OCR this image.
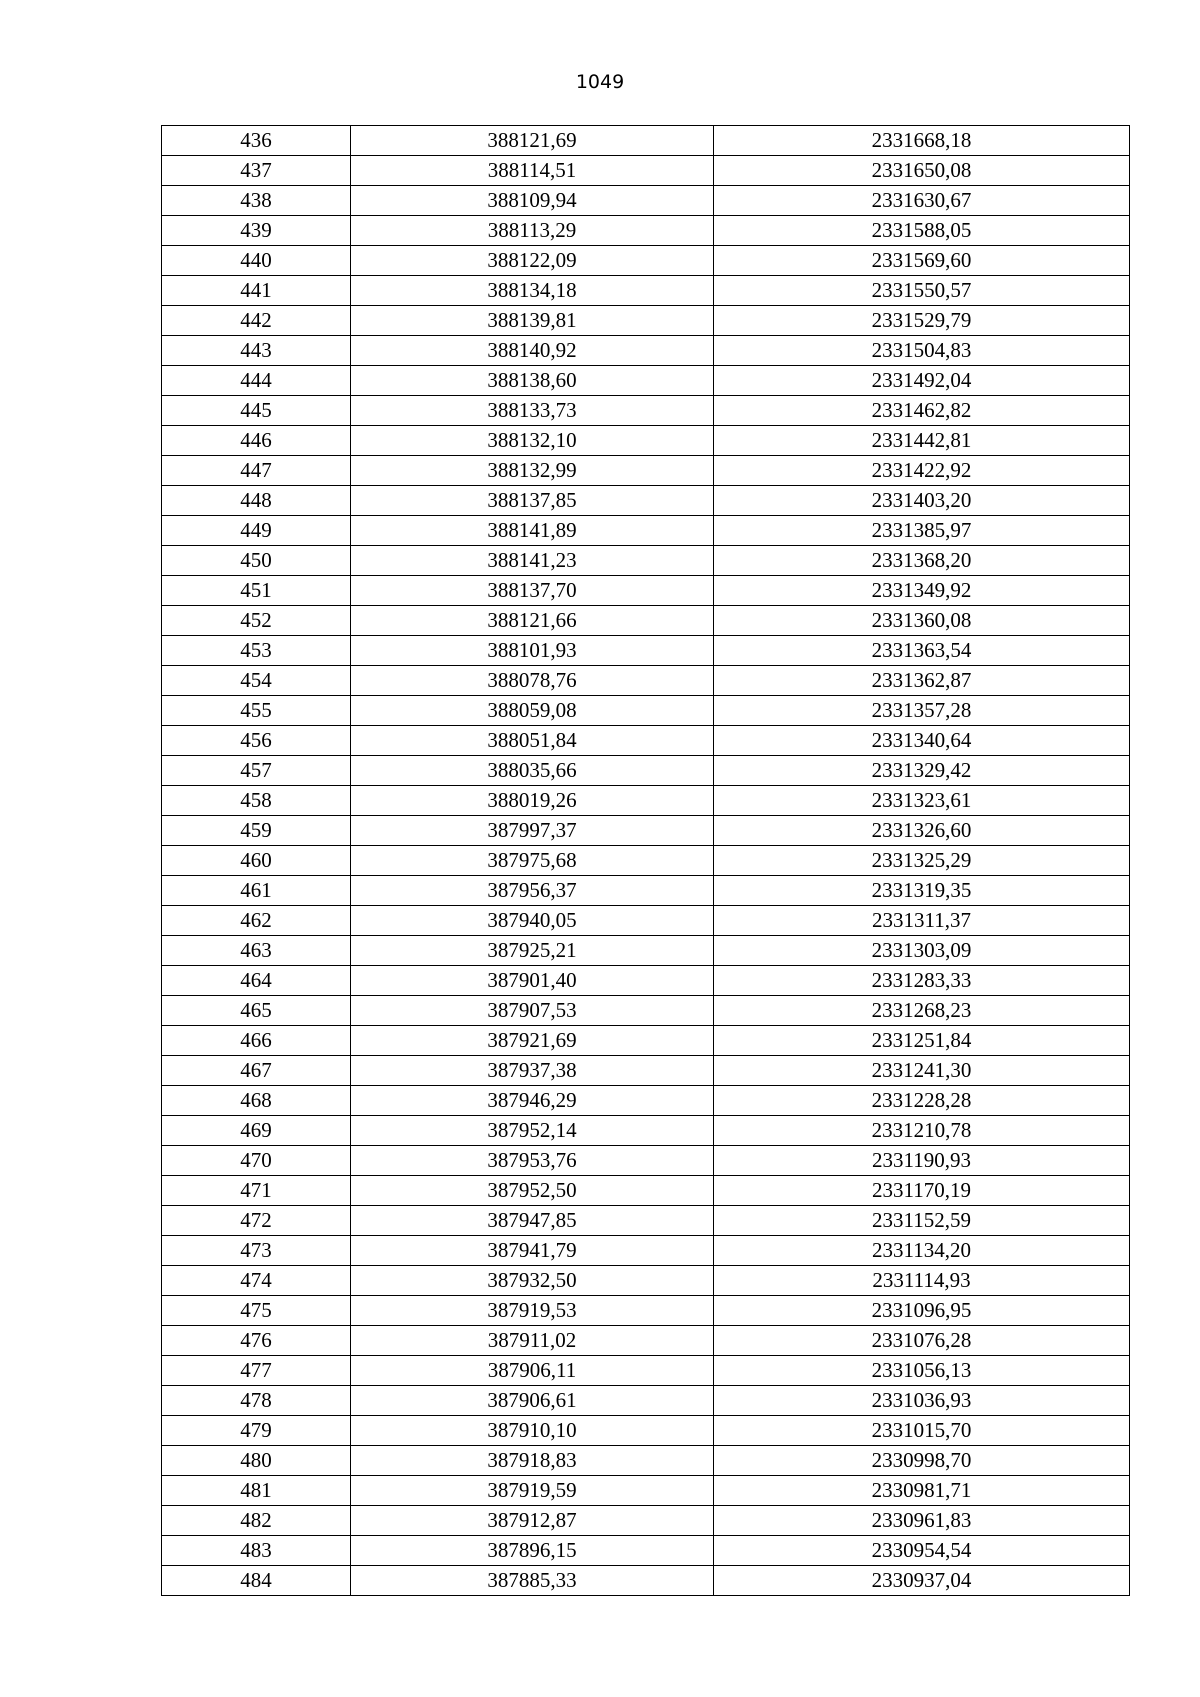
1049
436	388121,69	2331668,18
437	388114,51	2331650,08
438	388109,94	2331630,67
439	388113,29	2331588,05
440	388122,09	2331569,60
441	388134,18	2331550,57
442	388139,81	2331529,79
443	388140,92	2331504,83
444	388138,60	2331492,04
445	388133,73	2331462,82
446	388132,10	2331442,81
447	388132,99	2331422,92
448	388137,85	2331403,20
449	388141,89	2331385,97
450	388141,23	2331368,20
451	388137,70	2331349,92
452	388121,66	2331360,08
453	388101,93	2331363,54
454	388078,76	2331362,87
455	388059,08	2331357,28
456	388051,84	2331340,64
457	388035,66	2331329,42
458	388019,26	2331323,61
459	387997,37	2331326,60
460	387975,68	2331325,29
461	387956,37	2331319,35
462	387940,05	2331311,37
463	387925,21	2331303,09
464	387901,40	2331283,33
465	387907,53	2331268,23
466	387921,69	2331251,84
467	387937,38	2331241,30
468	387946,29	2331228,28
469	387952,14	2331210,78
470	387953,76	2331190,93
471	387952,50	2331170,19
472	387947,85	2331152,59
473	387941,79	2331134,20
474	387932,50	2331114,93
475	387919,53	2331096,95
476	387911,02	2331076,28
477	387906,11	2331056,13
478	387906,61	2331036,93
479	387910,10	2331015,70
480	387918,83	2330998,70
481	387919,59	2330981,71
482	387912,87	2330961,83
483	387896,15	2330954,54
484	387885,33	2330937,04
